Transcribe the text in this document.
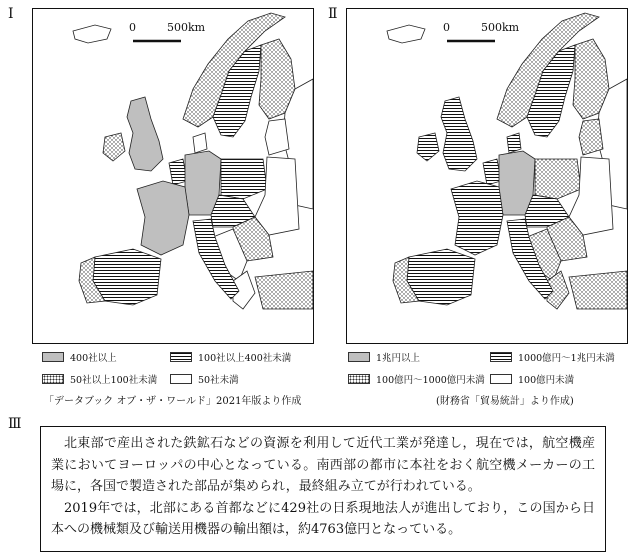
Ⅰ
0	500km
400社以上	100社以上400社未満
50社以上100社未満	50社未満
「データブック オブ・ザ・ワールド」2021年版より作成
Ⅱ
0	500km
1兆円以上	1000億円～1兆円未満
100億円～1000億円未満	100億円未満
(財務省「貿易統計」より作成)
Ⅲ

北東部で産出された鉄鉱石などの資源を利用して近代工業が発達し，現在では，航空機産業においてヨーロッパの中心となっている。南西部の都市に本社をおく航空機メーカーの工場に，各国で製造された部品が集められ，最終組み立てが行われている。

2019年では，北部にある首都などに429社の日系現地法人が進出しており，この国から日本への機械類及び輸送用機器の輸出額は，約4763億円となっている。
